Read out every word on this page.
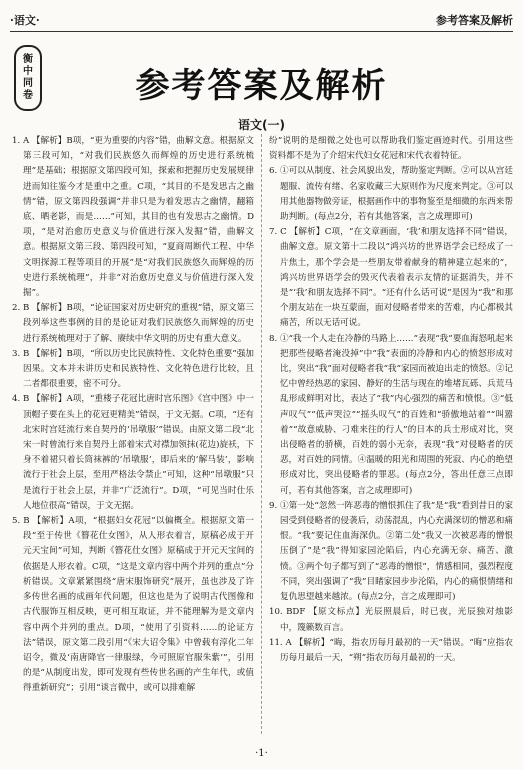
·语文·	参考答案及解析
衡
中
同
卷	参考答案及解析
语文(一)

1. A 【解析】B项，“更为重要的内容”错，曲解文意。根据原文第三段可知，“对我们民族悠久而辉煌的历史进行系统梳理”是基础；根据原文第四段可知，探索和把握历史发展规律进而知往鉴今才是重中之重。C项，“其目的不是发思古之幽情”错，原文第四段强调“并非只是为着发思古之幽情，翻箱底、晒老影，而是……”可知，其目的也有发思古之幽情。D项，“是对治愈历史意义与价值进行深入发掘”错，曲解文意。根据原文第三段、第四段可知，“夏商周断代工程、中华文明探源工程等项目的开展”是“对我们民族悠久而辉煌的历史进行系统梳理”，并非“对治愈历史意义与价值进行深入发掘”。

2. B 【解析】B项，“论证国家对历史研究的重视”错，原文第三段列举这些事例的目的是论证对我们民族悠久而辉煌的历史进行系统梳理对于了解、赓续中华文明的历史有重大意义。

3. B 【解析】B项，“所以历史比民族特性、文化特色重要”强加因果。文本并未讲历史和民族特性、文化特色进行比较，且二者都很重要，密不可分。

4. B 【解析】A项，“重楼子花冠比唐时宫乐图》《宫中图》中一顶帽子要在头上的花冠更精美”错误，于文无据。C项，“还有北宋时宫廷流行来自契丹的‘吊墩服’”错误。由原文第二段“北宋一时曾流行来自契丹上部着宋式对襟加领抹(花边)旋袄，下身不着裙只着长筒袜裤的‘吊墩服’，即后来的‘解马装’，影响流行于社会上层，至用严格法令禁止”可知，这种“吊墩服”只是流行于社会上层，并非“广泛流行”。D项，“可见当时仕乐人地位很高”错误，于文无据。

5. B 【解析】A项，“根据妇女花冠”以偏概全。根据原文第一段“至于传世《簪花仕女图》，从人形衣着言，原稿必成于开元天宝间”可知，判断《簪花仕女图》原稿成于开元天宝间的依据是人形衣着。C项，“这是文章内容中两个并列的重点”分析错误。文章紧紧围绕“唐宋服饰研究”展开，虽也涉及了许多传世名画的成画年代问题，但这也是为了说明古代图像和古代服饰互相反映，更可相互取证，并不能理解为是文章内容中两个并列的重点。D项，“使用了引资料……的论证方法”错误，原文第二段引用“《宋大诏令集》中曾载有淳化二年诏令，微及‘南唐降官一律服绿，今可照原官服朱紫’”，引用的是“从制度出发，即可发现有些传世名画的产生年代，或值得重新研究”；引用“谈言微中，或可以排难解

纷”说明的是细微之处也可以帮助我们鉴定画迹时代。引用这些资料都不是为了介绍宋代妇女花冠和宋代衣着特征。

6. ①可以从制度、社会风貌出发，帮助鉴定判断。②可以从宫廷题服、流传有绪、名家收藏三大原则作为尺度来判定。③可以用其他器物做旁证，根据画作中的事物鉴至是细微的东西来帮助判断。(每点2分，若有其他答案，言之成理即可)

7. C 【解析】C项，“在文章画面，‘我’和朋友选择不同”错误，曲解文意。原文第十二段以“鸿兴坊的世界语学会已经成了一片焦土，那个学会是一些朋友带着献身的精神建立起来的”，鸿兴坊世界语学会的毁灭代表着表示友情的证据消失，并不是“‘我’和朋友选择不同”。“还有什么话可说”是因为“我”和那个朋友站在一块互蒙面，面对侵略者带来的苦难，内心都极其痛苦，所以无话可说。

8. ①“我一个人走在冷静的马路上……”表现“我”要血海怒吼起来把那些侵略者淹没掉”中“我”表面的冷静和内心的愤怒形成对比，突出“我”面对侵略者我“我”家园而被迫出走的愤怒。②记忆中曾经热恶的家园、静好的生活与现在的堆堵瓦砾、兵荒马乱形成鲜明对比，表达了“我”内心强烈的痛苦和愤恨。③“低声叹气”“低声哭泣”“摇头叹气”的百姓和“骄傲地站着”“叫嚣着”“故意威胁、刁难来往的行人”的日本的兵士形成对比，突出侵略者的骄横，百姓的弱小无奈，表现“我”对侵略者的厌恶，对百姓的同情。④温暖的阳光和周围的死寂、内心的绝望形成对比，突出侵略者的罪恶。(每点2分，答出任意三点即可，若有其他答案，言之成理即可)

9. ①第一处“忽然一阵恶毒的憎恨抓住了我”是“我”看到昔日的家园受到侵略者的侵袭后，动荡混乱，内心充满深切的憎恶和痛恨。“我”要记住血海深仇。②第二处“我又一次被恶毒的憎恨压倒了”是“我”得知家园沦陷后，内心充满无奈、痛苦、激愤。③两个句子都写到了“恶毒的憎恨”，情感相同，强烈程度不同，突出强调了“我”目睹家园步步沦陷，内心的痛恨情绪和复仇思望越来越浓。(每点2分，言之成理即可)

10. BDF 【原文标点】光辰照晨后，时已夜，光辰独对烛影中，篾籁数百言。

11. A 【解析】“晦，指农历每月最初的一天”错误。“晦”应指农历每月最后一天，“朔”指农历每月最初的一天。

·1·
